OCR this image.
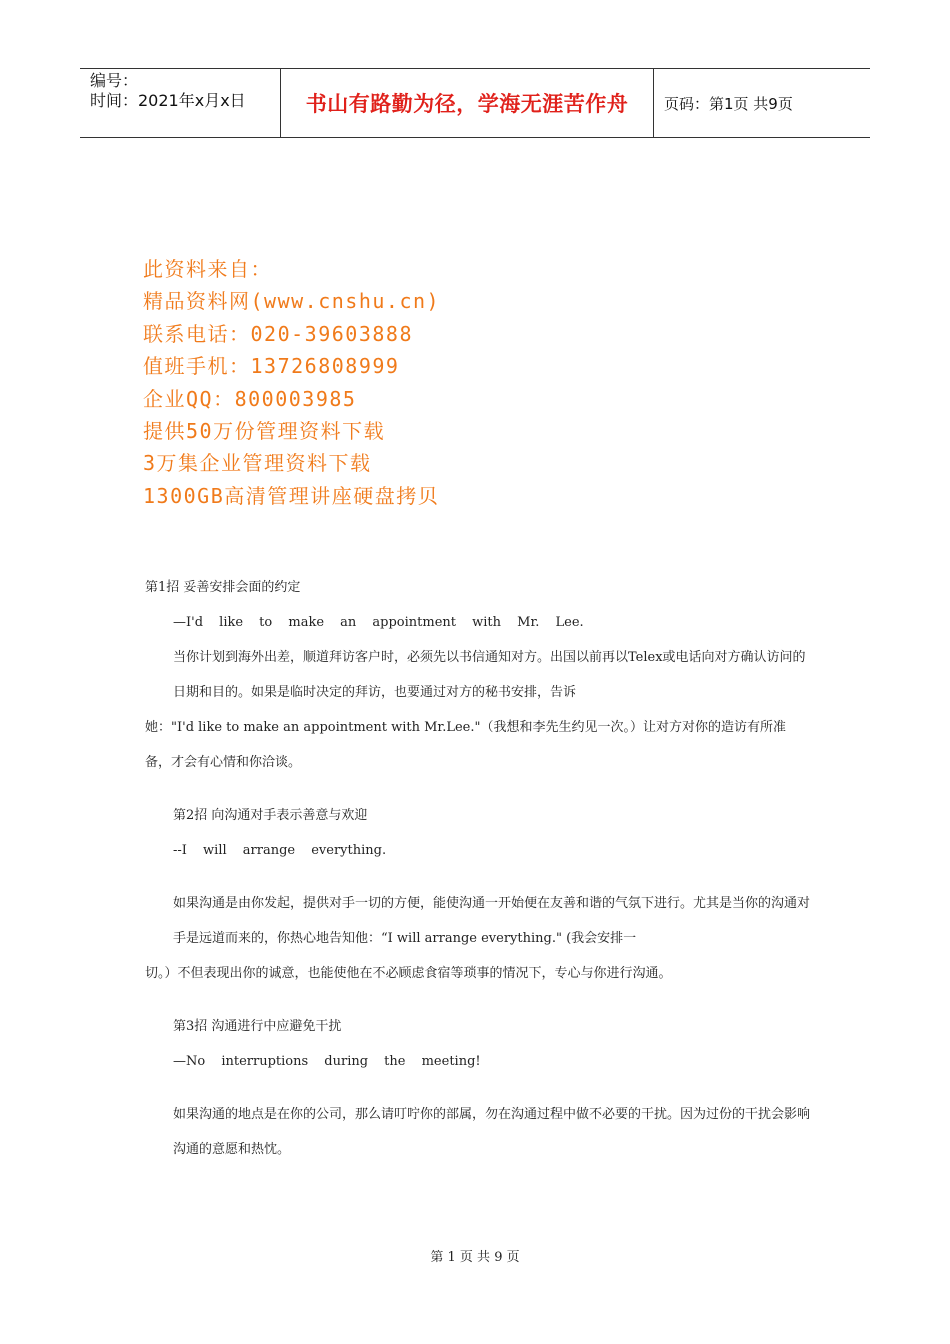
编号：
时间：2021年x月x日	书山有路勤为径，学海无涯苦作舟	页码：第1页 共9页
此资料来自：
精品资料网(www.cnshu.cn)
联系电话：020-39603888
值班手机：13726808999
企业QQ：800003985
提供50万份管理资料下载
3万集企业管理资料下载
1300GB高清管理讲座硬盘拷贝

第1招 妥善安排会面的约定

—I'd like to make an appointment with Mr. Lee.

当你计划到海外出差，顺道拜访客户时，必须先以书信通知对方。出国以前再以Telex或电话向对方确认访问的日期和目的。如果是临时决定的拜访，也要通过对方的秘书安排，告诉

她："I'd like to make an appointment with Mr.Lee."（我想和李先生约见一次。）让对方对你的造访有所准备，才会有心情和你洽谈。

第2招 向沟通对手表示善意与欢迎

--I will arrange everything.

如果沟通是由你发起，提供对手一切的方便，能使沟通一开始便在友善和谐的气氛下进行。尤其是当你的沟通对手是远道而来的，你热心地告知他：“I will arrange everything." (我会安排一

切。）不但表现出你的诚意，也能使他在不必顾虑食宿等琐事的情况下，专心与你进行沟通。

第3招 沟通进行中应避免干扰

—No interruptions during the meeting!

如果沟通的地点是在你的公司，那么请叮咛你的部属，勿在沟通过程中做不必要的干扰。因为过份的干扰会影响沟通的意愿和热忱。

第 1 页 共 9 页
